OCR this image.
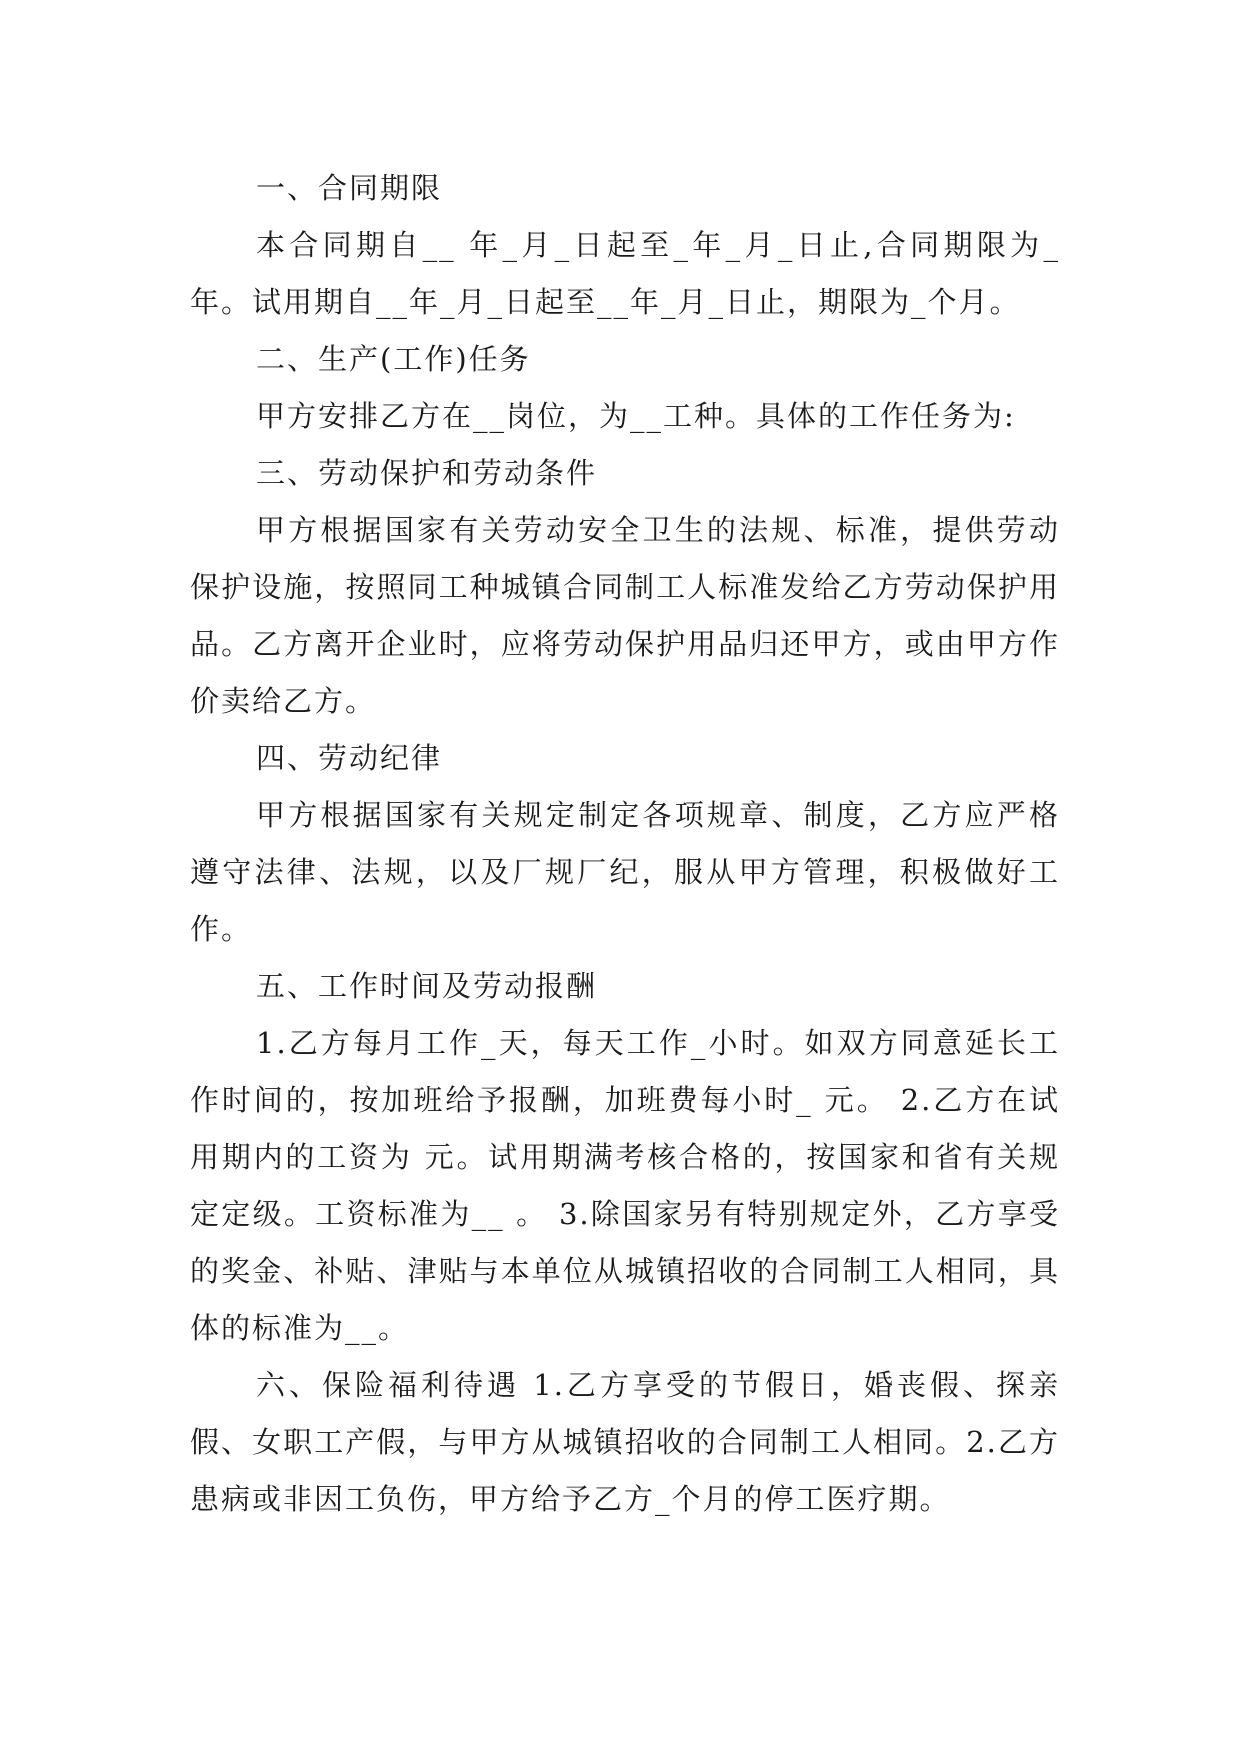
一、合同期限

本合同期自__ 年_月_日起至_年_月_日止,合同期限为_年。试用期自__年_月_日起至__年_月_日止，期限为_个月。

二、生产(工作)任务

甲方安排乙方在__岗位，为__工种。具体的工作任务为:

三、劳动保护和劳动条件

甲方根据国家有关劳动安全卫生的法规、标准，提供劳动保护设施，按照同工种城镇合同制工人标准发给乙方劳动保护用品。乙方离开企业时，应将劳动保护用品归还甲方，或由甲方作价卖给乙方。

四、劳动纪律

甲方根据国家有关规定制定各项规章、制度，乙方应严格遵守法律、法规，以及厂规厂纪，服从甲方管理，积极做好工作。

五、工作时间及劳动报酬

1.乙方每月工作_天，每天工作_小时。如双方同意延长工作时间的，按加班给予报酬，加班费每小时_ 元。 2.乙方在试用期内的工资为 元。试用期满考核合格的，按国家和省有关规定定级。工资标准为__ 。 3.除国家另有特别规定外，乙方享受的奖金、补贴、津贴与本单位从城镇招收的合同制工人相同，具体的标准为__。

六、保险福利待遇 1.乙方享受的节假日，婚丧假、探亲假、女职工产假，与甲方从城镇招收的合同制工人相同。2.乙方患病或非因工负伤，甲方给予乙方_个月的停工医疗期。
